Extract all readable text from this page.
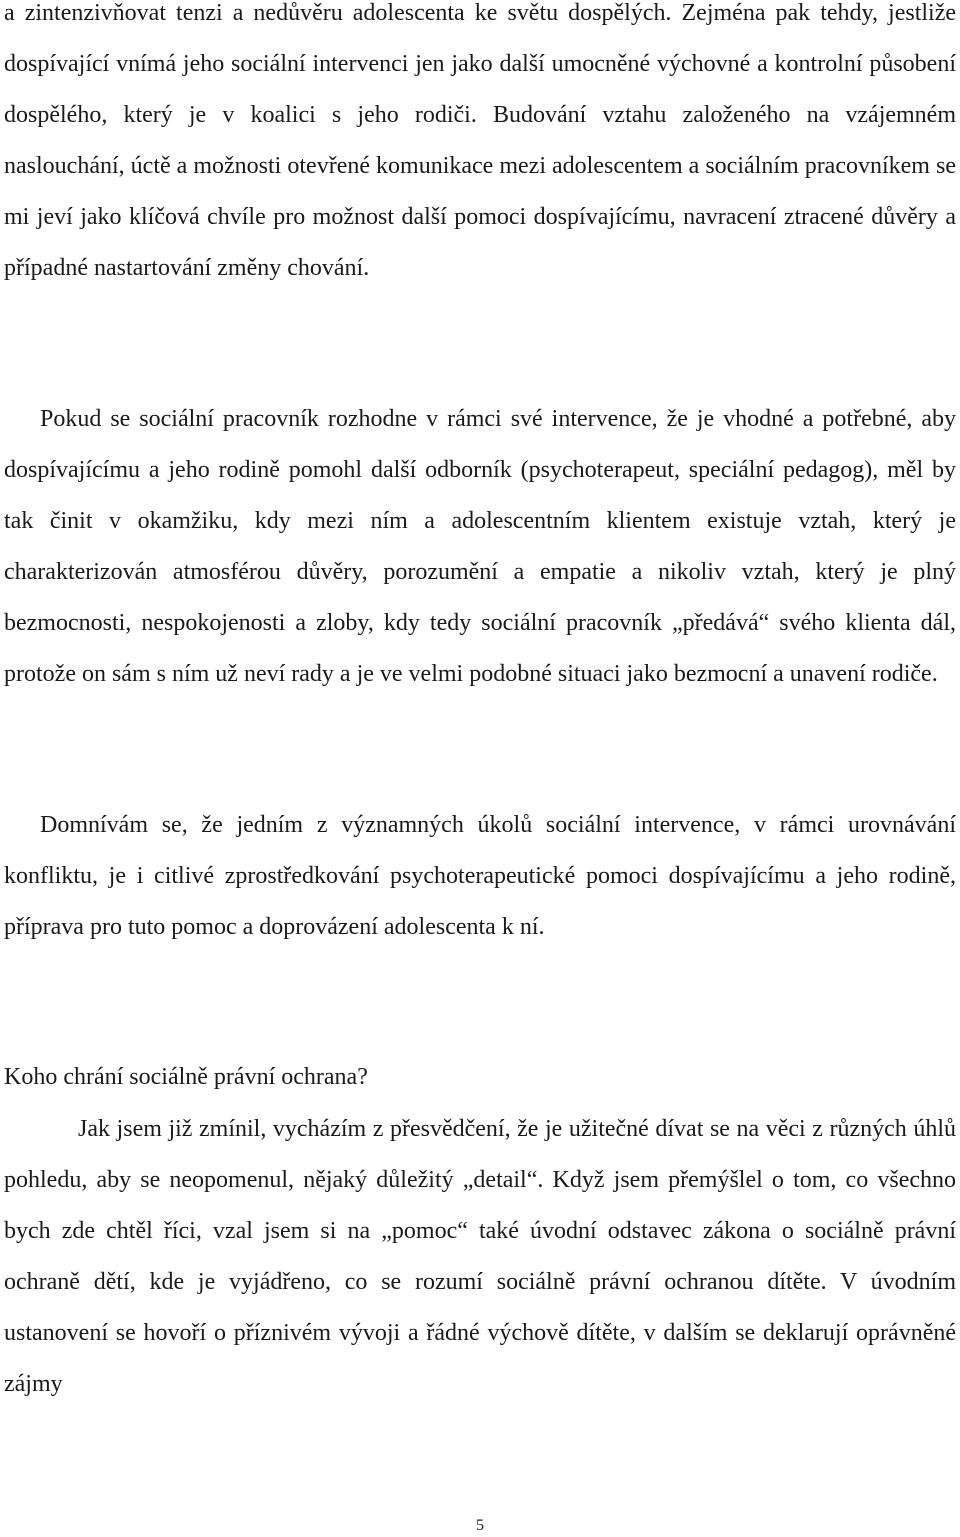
a zintenzivňovat tenzi a nedůvěru adolescenta ke světu dospělých. Zejména pak tehdy, jestliže dospívající vnímá jeho sociální intervenci jen jako další umocněné výchovné a kontrolní působení dospělého, který je v koalici s jeho rodiči. Budování vztahu založeného na vzájemném naslouchání, úctě a možnosti otevřené komunikace mezi adolescentem a sociálním pracovníkem se mi jeví jako klíčová chvíle pro možnost další pomoci dospívajícímu, navracení ztracené důvěry a případné nastartování změny chování.

Pokud se sociální pracovník rozhodne v rámci své intervence, že je vhodné a potřebné, aby dospívajícímu a jeho rodině pomohl další odborník (psychoterapeut, speciální pedagog), měl by tak činit v okamžiku, kdy mezi ním a adolescentním klientem existuje vztah, který je charakterizován atmosférou důvěry, porozumění a empatie a nikoliv vztah, který je plný bezmocnosti, nespokojenosti a zloby, kdy tedy sociální pracovník „předává“ svého klienta dál, protože on sám s ním už neví rady a je ve velmi podobné situaci jako bezmocní a unavení rodiče.

Domnívám se, že jedním z významných úkolů sociální intervence, v rámci urovnávání konfliktu, je i citlivé zprostředkování psychoterapeutické pomoci dospívajícímu a jeho rodině, příprava pro tuto pomoc a doprovázení adolescenta k ní.

Koho chrání sociálně právní ochrana?

Jak jsem již zmínil, vycházím z přesvědčení, že je užitečné dívat se na věci z různých úhlů pohledu, aby se neopomenul, nějaký důležitý „detail“. Když jsem přemýšlel o tom, co všechno bych zde chtěl říci, vzal jsem si na „pomoc“ také úvodní odstavec zákona o sociálně právní ochraně dětí, kde je vyjádřeno, co se rozumí sociálně právní ochranou dítěte. V úvodním ustanovení se hovoří o příznivém vývoji a řádné výchově dítěte, v dalším se deklarují oprávněné zájmy

5
